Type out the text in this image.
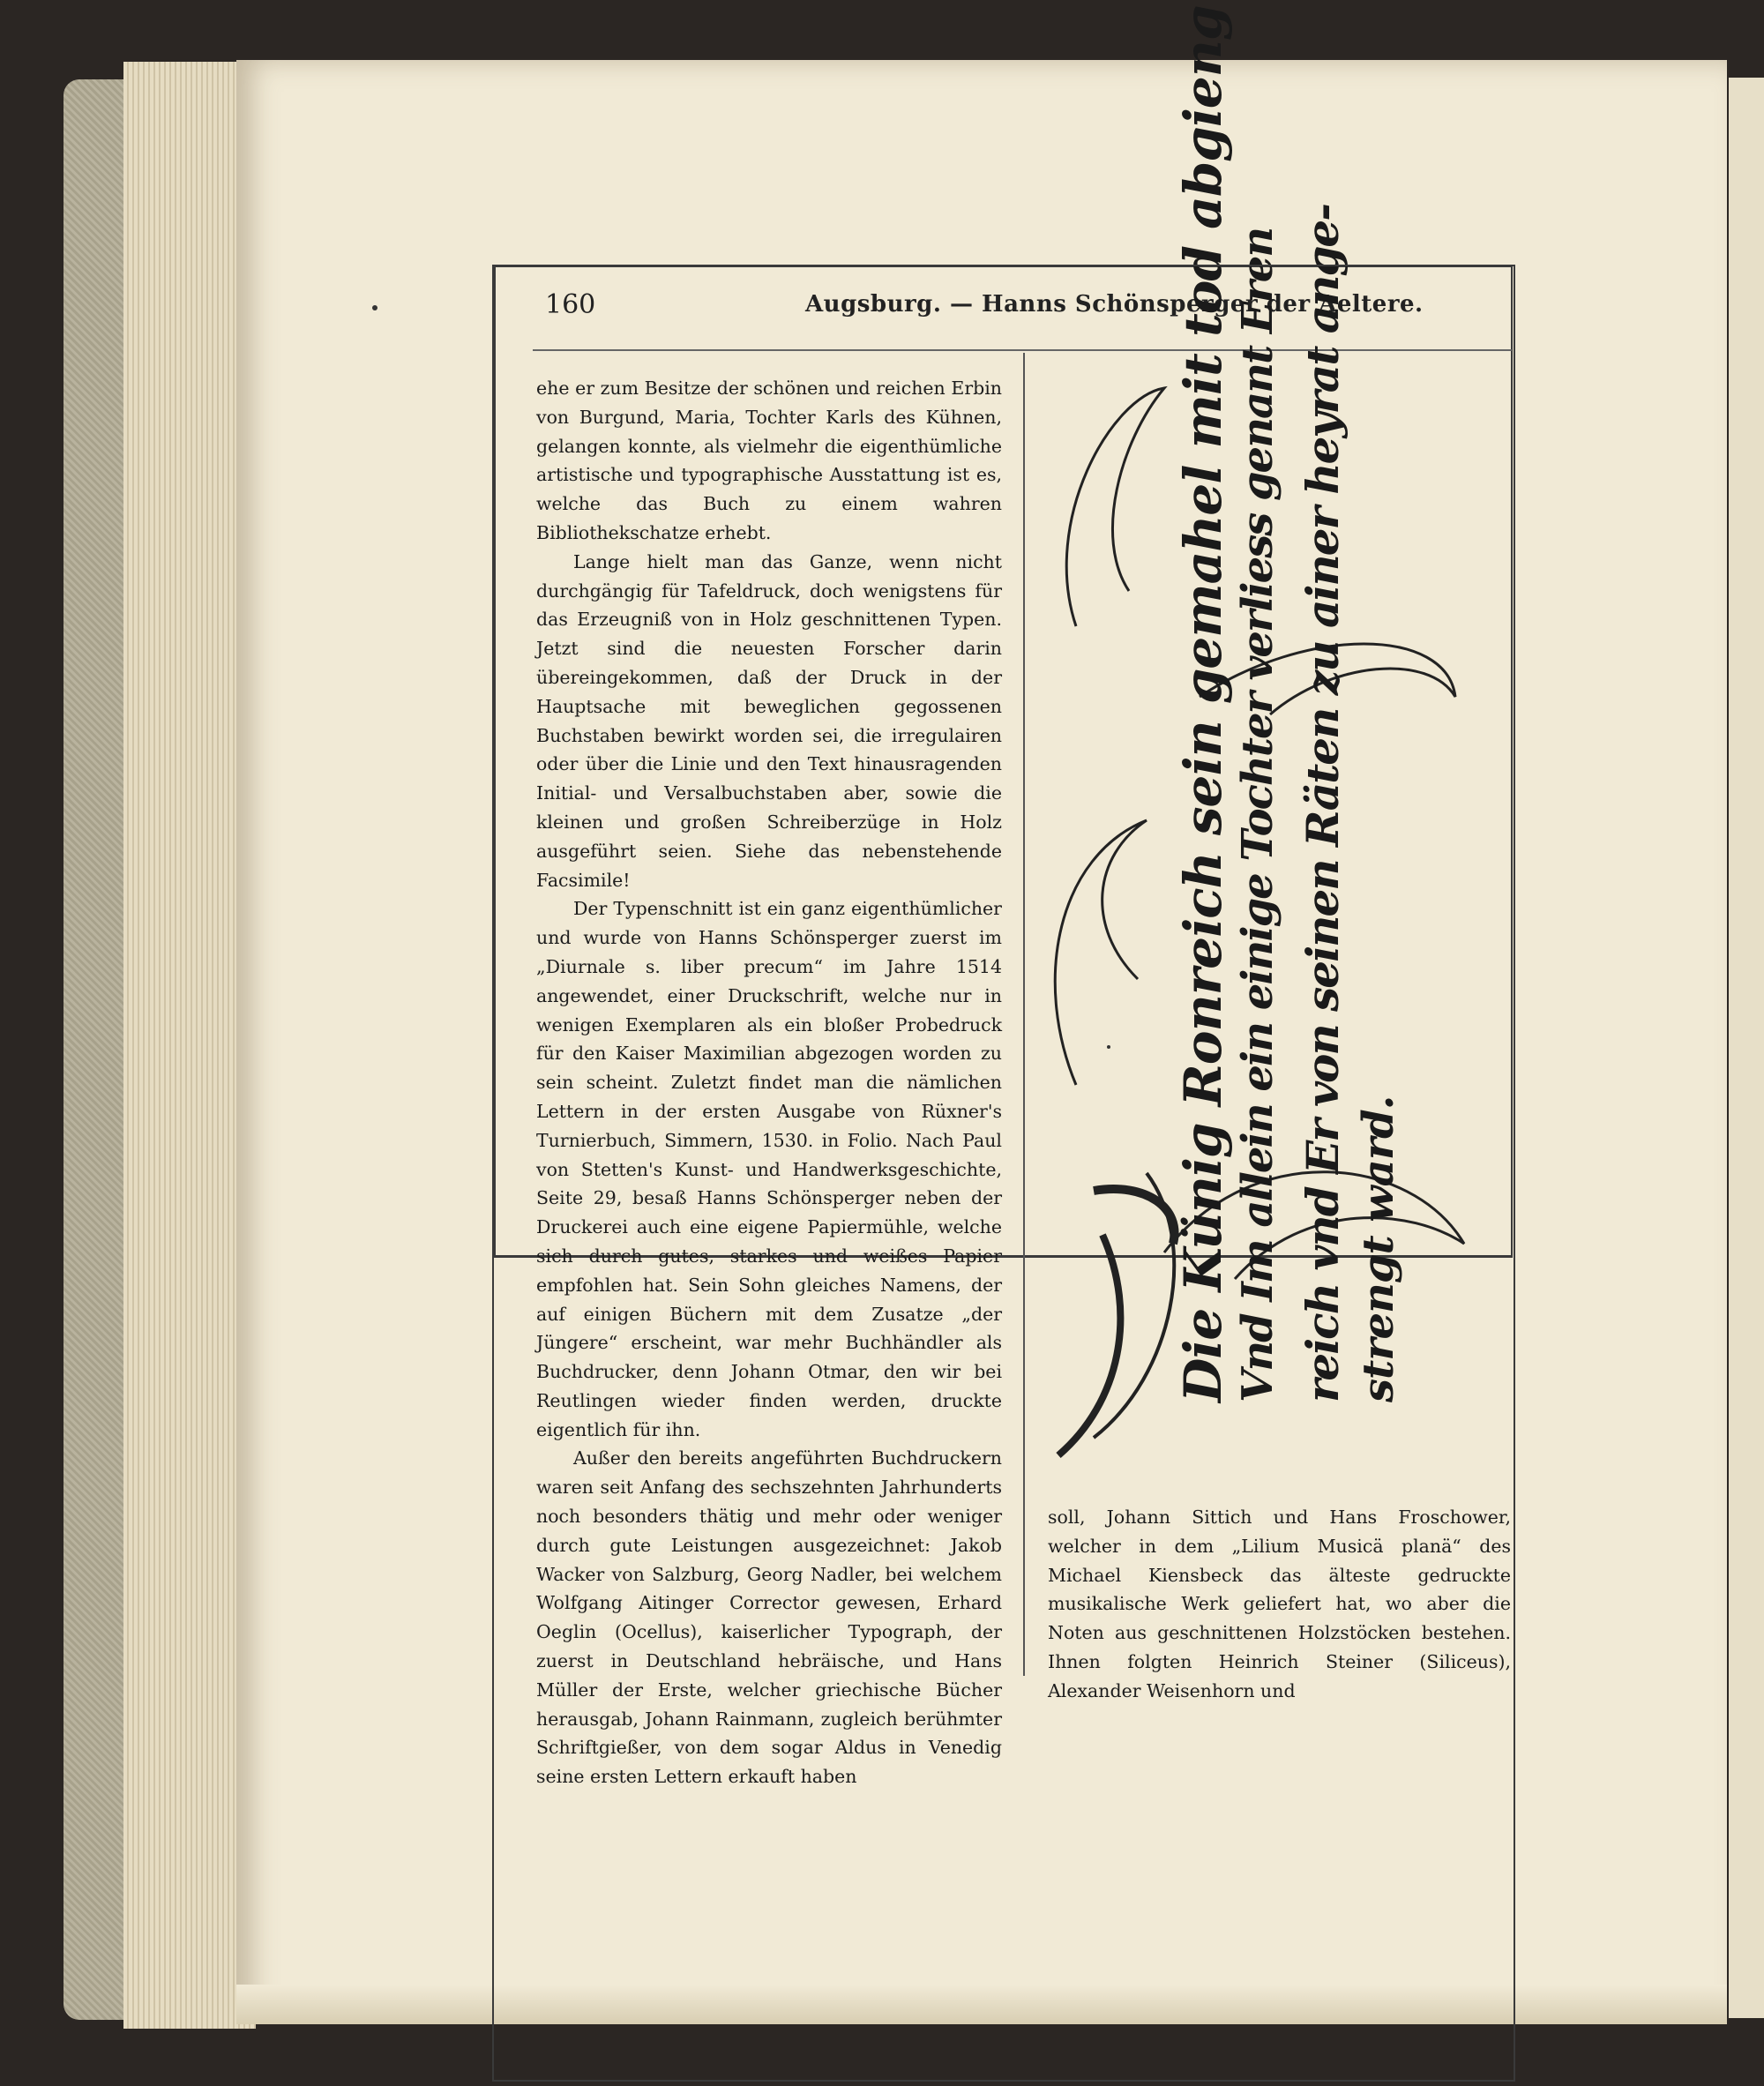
160	Augsburg. — Hanns Schönsperger der Aeltere.

ehe er zum Besitze der schönen und reichen Erbin von Burgund, Maria, Tochter Karls des Kühnen, gelangen konnte, als vielmehr die eigenthümliche artistische und typographische Ausstattung ist es, welche das Buch zu einem wahren Bibliothekschatze erhebt.

Lange hielt man das Ganze, wenn nicht durchgängig für Tafeldruck, doch wenigstens für das Erzeugniß von in Holz geschnittenen Typen. Jetzt sind die neuesten Forscher darin übereingekommen, daß der Druck in der Hauptsache mit beweglichen gegossenen Buchstaben bewirkt worden sei, die irregulairen oder über die Linie und den Text hinausragenden Initial- und Versalbuchstaben aber, sowie die kleinen und großen Schreiberzüge in Holz ausgeführt seien. Siehe das nebenstehende Facsimile!

Der Typenschnitt ist ein ganz eigenthümlicher und wurde von Hanns Schönsperger zuerst im „Diurnale s. liber precum“ im Jahre 1514 angewendet, einer Druckschrift, welche nur in wenigen Exemplaren als ein bloßer Probedruck für den Kaiser Maximilian abgezogen worden zu sein scheint. Zuletzt findet man die nämlichen Lettern in der ersten Ausgabe von Rüxner's Turnierbuch, Simmern, 1530. in Folio. Nach Paul von Stetten's Kunst- und Handwerksgeschichte, Seite 29, besaß Hanns Schönsperger neben der Druckerei auch eine eigene Papiermühle, welche sich durch gutes, starkes und weißes Papier empfohlen hat. Sein Sohn gleiches Namens, der auf einigen Büchern mit dem Zusatze „der Jüngere“ erscheint, war mehr Buchhändler als Buchdrucker, denn Johann Otmar, den wir bei Reutlingen wieder finden werden, druckte eigentlich für ihn.

Außer den bereits angeführten Buchdruckern waren seit Anfang des sechszehnten Jahrhunderts noch besonders thätig und mehr oder weniger durch gute Leistungen ausgezeichnet: Jakob Wacker von Salzburg, Georg Nadler, bei welchem Wolfgang Aitinger Corrector gewesen, Erhard Oeglin (Ocellus), kaiserlicher Typograph, der zuerst in Deutschland hebräische, und Hans Müller der Erste, welcher griechische Bücher herausgab, Johann Rainmann, zugleich berühmter Schriftgießer, von dem sogar Aldus in Venedig seine ersten Lettern erkauft haben

Die Künig Ronreich sein gemahel mit tod abgieng Vnd Im allein ein einige Tochter verliess genant Eren reich vnd Er von seinen Räten zu ainer heyrat ange- strengt ward.

soll, Johann Sittich und Hans Froschower, welcher in dem „Lilium Musicä planä“ des Michael Kiensbeck das älteste gedruckte musikalische Werk geliefert hat, wo aber die Noten aus geschnittenen Holzstöcken bestehen. Ihnen folgten Heinrich Steiner (Siliceus), Alexander Weisenhorn und
